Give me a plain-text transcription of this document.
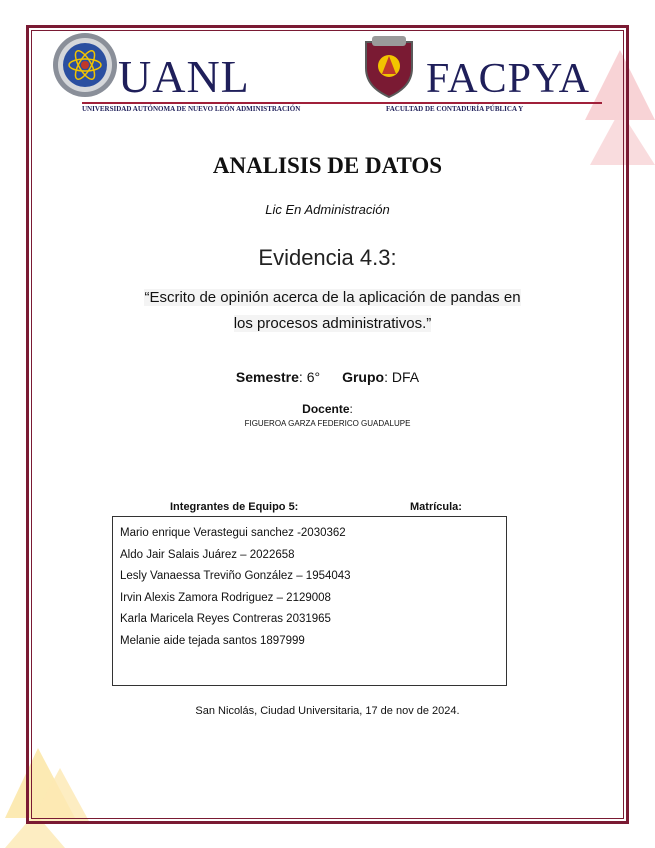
UANL	FACPYA
UNIVERSIDAD AUTÓNOMA DE NUEVO LEÓN ADMINISTRACIÓN	FACULTAD DE CONTADURÍA PÚBLICA Y
ANALISIS DE DATOS
Lic En Administración
Evidencia 4.3:
“Escrito de opinión acerca de la aplicación de pandas en
los procesos administrativos.”
Semestre: 6° Grupo: DFA
Docente:
FIGUEROA GARZA FEDERICO GUADALUPE
Integrantes de Equipo 5:	Matrícula:
Mario enrique Verastegui sanchez -2030362
Aldo Jair Salais Juárez – 2022658
Lesly Vanaessa Treviño González – 1954043
Irvin Alexis Zamora Rodriguez – 2129008
Karla Maricela Reyes Contreras 2031965
Melanie aide tejada santos 1897999
San Nicolás, Ciudad Universitaria, 17 de nov de 2024.
